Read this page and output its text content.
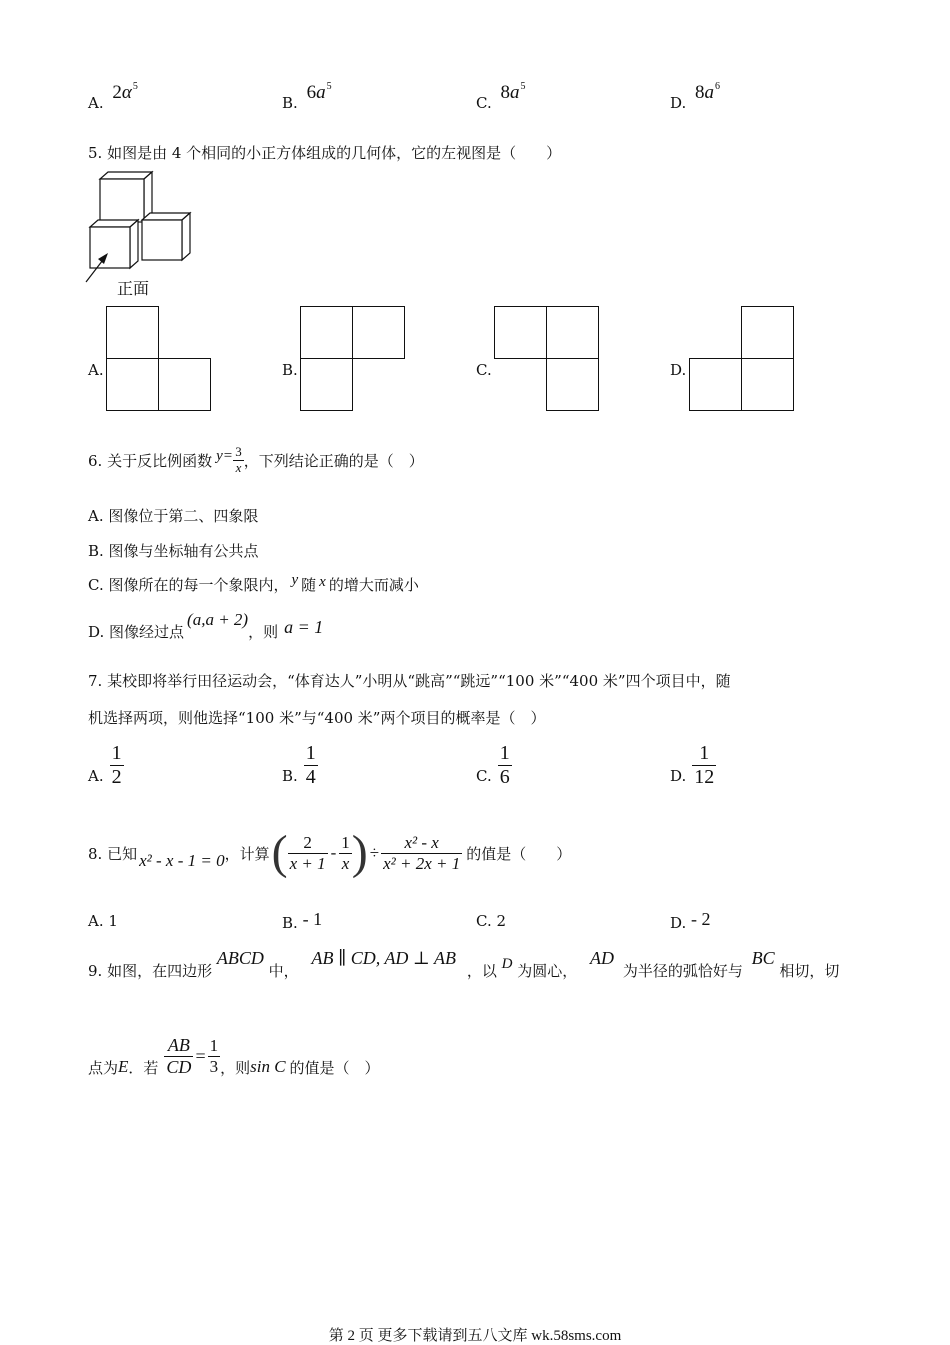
A. $2\alpha^5$
B. $6a^5$
C. $8a^5$
D. $8a^6$
5. 如图是由 4 个相同的小正方体组成的几何体，它的左视图是（　　）
正面
A.	B.	C.	D.
6. 关于反比例函数 $y = \frac{3}{x}$ ，下列结论正确的是（　）
A. 图像位于第二、四象限
B. 图像与坐标轴有公共点
C. 图像所在的每一个象限内， y 随 x 的增大而减小
D. 图像经过点(a,a + 2)，则 a = 1
7. 某校即将举行田径运动会，“体育达人”小明从“跳高”“跳远”“100 米”“400 米”四个项目中，随
机选择两项，则他选择“100 米”与“400 米”两个项目的概率是（　）
A. $\frac{1}{2}$	B. $\frac{1}{4}$	C. $\frac{1}{6}$	D. $\frac{1}{12}$
8. 已知 x² - x - 1 = 0 ，计算 ( $\frac{2}{x + 1} - \frac{1}{x}$ ) ÷ $\frac{\text{x² - x}}{\text{x² + 2x + 1}}$ 的值是（　　）
A. 1	B. - 1	C. 2	D. - 2
9. 如图，在四边形 ABCD 中， AB ∥ CD, AD ⊥ AB ，以 D 为圆心， AD 为半径的弧恰好与 BC 相切，切
点为 E ．若 $\frac{AB}{CD} = \frac{1}{3}$ ，则 sin C 的值是（　）
第 2 页 更多下载请到五八文库 wk.58sms.com
